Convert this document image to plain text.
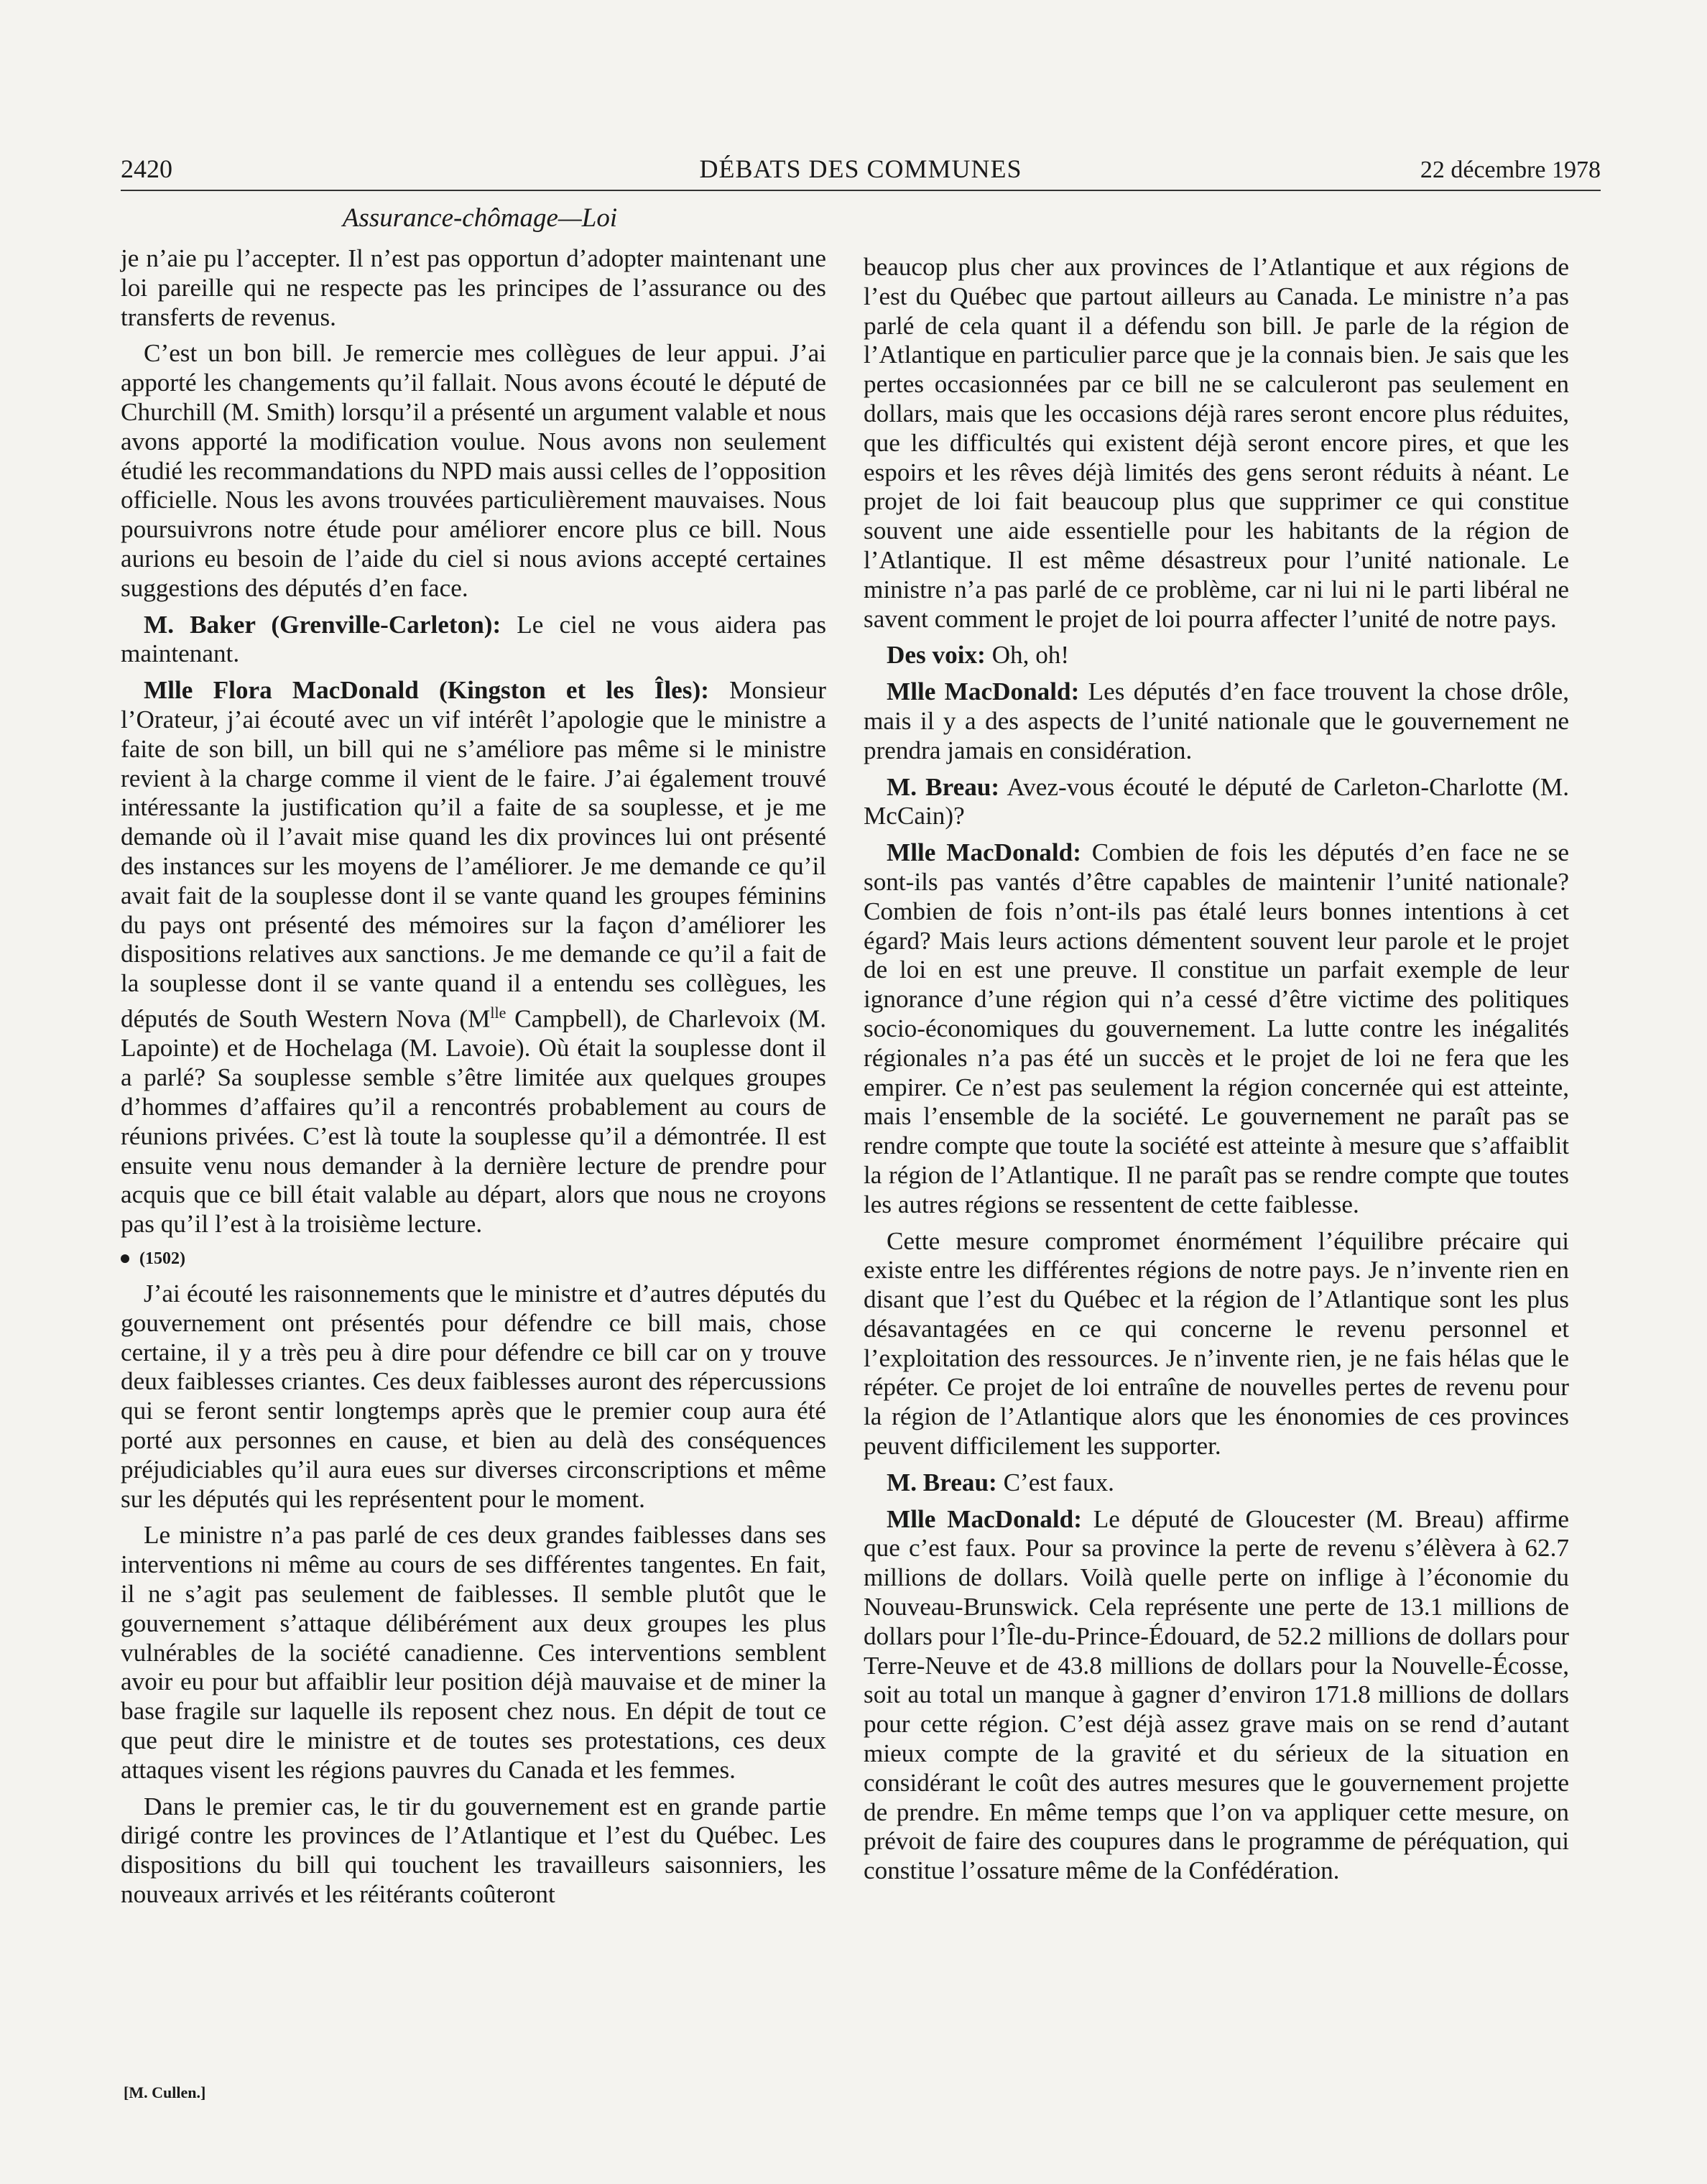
2420	DÉBATS DES COMMUNES	22 décembre 1978
Assurance-chômage—Loi

je n’aie pu l’accepter. Il n’est pas opportun d’adopter maintenant une loi pareille qui ne respecte pas les principes de l’assurance ou des transferts de revenus.

C’est un bon bill. Je remercie mes collègues de leur appui. J’ai apporté les changements qu’il fallait. Nous avons écouté le député de Churchill (M. Smith) lorsqu’il a présenté un argument valable et nous avons apporté la modification voulue. Nous avons non seulement étudié les recommandations du NPD mais aussi celles de l’opposition officielle. Nous les avons trouvées particulièrement mauvaises. Nous poursuivrons notre étude pour améliorer encore plus ce bill. Nous aurions eu besoin de l’aide du ciel si nous avions accepté certaines suggestions des députés d’en face.

M. Baker (Grenville-Carleton): Le ciel ne vous aidera pas maintenant.

Mlle Flora MacDonald (Kingston et les Îles): Monsieur l’Orateur, j’ai écouté avec un vif intérêt l’apologie que le ministre a faite de son bill, un bill qui ne s’améliore pas même si le ministre revient à la charge comme il vient de le faire. J’ai également trouvé intéressante la justification qu’il a faite de sa souplesse, et je me demande où il l’avait mise quand les dix provinces lui ont présenté des instances sur les moyens de l’améliorer. Je me demande ce qu’il avait fait de la souplesse dont il se vante quand les groupes féminins du pays ont présenté des mémoires sur la façon d’améliorer les dispositions relatives aux sanctions. Je me demande ce qu’il a fait de la souplesse dont il se vante quand il a entendu ses collègues, les députés de South Western Nova ($M^{lle}$ Campbell), de Charlevoix (M. Lapointe) et de Hochelaga (M. Lavoie). Où était la souplesse dont il a parlé? Sa souplesse semble s’être limitée aux quelques groupes d’hommes d’affaires qu’il a rencontrés probablement au cours de réunions privées. C’est là toute la souplesse qu’il a démontrée. Il est ensuite venu nous demander à la dernière lecture de prendre pour acquis que ce bill était valable au départ, alors que nous ne croyons pas qu’il l’est à la troisième lecture.

(1502)

J’ai écouté les raisonnements que le ministre et d’autres députés du gouvernement ont présentés pour défendre ce bill mais, chose certaine, il y a très peu à dire pour défendre ce bill car on y trouve deux faiblesses criantes. Ces deux faiblesses auront des répercussions qui se feront sentir longtemps après que le premier coup aura été porté aux personnes en cause, et bien au delà des conséquences préjudiciables qu’il aura eues sur diverses circonscriptions et même sur les députés qui les représentent pour le moment.

Le ministre n’a pas parlé de ces deux grandes faiblesses dans ses interventions ni même au cours de ses différentes tangentes. En fait, il ne s’agit pas seulement de faiblesses. Il semble plutôt que le gouvernement s’attaque délibérément aux deux groupes les plus vulnérables de la société canadienne. Ces interventions semblent avoir eu pour but affaiblir leur position déjà mauvaise et de miner la base fragile sur laquelle ils reposent chez nous. En dépit de tout ce que peut dire le ministre et de toutes ses protestations, ces deux attaques visent les régions pauvres du Canada et les femmes.

Dans le premier cas, le tir du gouvernement est en grande partie dirigé contre les provinces de l’Atlantique et l’est du Québec. Les dispositions du bill qui touchent les travailleurs saisonniers, les nouveaux arrivés et les réitérants coûteront

beaucop plus cher aux provinces de l’Atlantique et aux régions de l’est du Québec que partout ailleurs au Canada. Le ministre n’a pas parlé de cela quant il a défendu son bill. Je parle de la région de l’Atlantique en particulier parce que je la connais bien. Je sais que les pertes occasionnées par ce bill ne se calculeront pas seulement en dollars, mais que les occasions déjà rares seront encore plus réduites, que les difficultés qui existent déjà seront encore pires, et que les espoirs et les rêves déjà limités des gens seront réduits à néant. Le projet de loi fait beaucoup plus que supprimer ce qui constitue souvent une aide essentielle pour les habitants de la région de l’Atlantique. Il est même désastreux pour l’unité nationale. Le ministre n’a pas parlé de ce problème, car ni lui ni le parti libéral ne savent comment le projet de loi pourra affecter l’unité de notre pays.

Des voix: Oh, oh!

Mlle MacDonald: Les députés d’en face trouvent la chose drôle, mais il y a des aspects de l’unité nationale que le gouvernement ne prendra jamais en considération.

M. Breau: Avez-vous écouté le député de Carleton-Charlotte (M. McCain)?

Mlle MacDonald: Combien de fois les députés d’en face ne se sont-ils pas vantés d’être capables de maintenir l’unité nationale? Combien de fois n’ont-ils pas étalé leurs bonnes intentions à cet égard? Mais leurs actions démentent souvent leur parole et le projet de loi en est une preuve. Il constitue un parfait exemple de leur ignorance d’une région qui n’a cessé d’être victime des politiques socio-économiques du gouvernement. La lutte contre les inégalités régionales n’a pas été un succès et le projet de loi ne fera que les empirer. Ce n’est pas seulement la région concernée qui est atteinte, mais l’ensemble de la société. Le gouvernement ne paraît pas se rendre compte que toute la société est atteinte à mesure que s’affaiblit la région de l’Atlantique. Il ne paraît pas se rendre compte que toutes les autres régions se ressentent de cette faiblesse.

Cette mesure compromet énormément l’équilibre précaire qui existe entre les différentes régions de notre pays. Je n’invente rien en disant que l’est du Québec et la région de l’Atlantique sont les plus désavantagées en ce qui concerne le revenu personnel et l’exploitation des ressources. Je n’invente rien, je ne fais hélas que le répéter. Ce projet de loi entraîne de nouvelles pertes de revenu pour la région de l’Atlantique alors que les énonomies de ces provinces peuvent difficilement les supporter.

M. Breau: C’est faux.

Mlle MacDonald: Le député de Gloucester (M. Breau) affirme que c’est faux. Pour sa province la perte de revenu s’élèvera à 62.7 millions de dollars. Voilà quelle perte on inflige à l’économie du Nouveau-Brunswick. Cela représente une perte de 13.1 millions de dollars pour l’Île-du-Prince-Édouard, de 52.2 millions de dollars pour Terre-Neuve et de 43.8 millions de dollars pour la Nouvelle-Écosse, soit au total un manque à gagner d’environ 171.8 millions de dollars pour cette région. C’est déjà assez grave mais on se rend d’autant mieux compte de la gravité et du sérieux de la situation en considérant le coût des autres mesures que le gouvernement projette de prendre. En même temps que l’on va appliquer cette mesure, on prévoit de faire des coupures dans le programme de péréquation, qui constitue l’ossature même de la Confédération.

[M. Cullen.]
